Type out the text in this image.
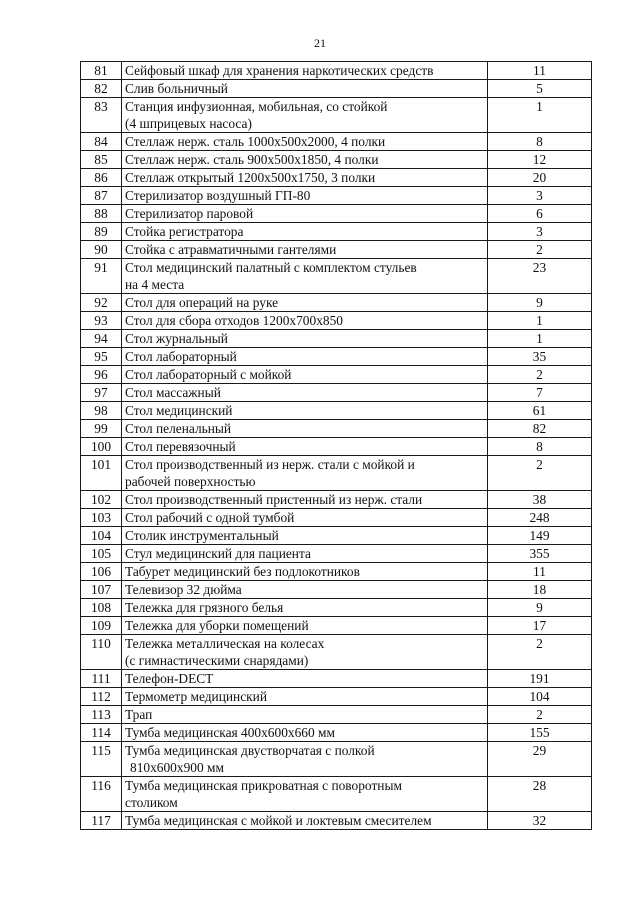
21
81	Сейфовый шкаф для хранения наркотических средств	11
82	Слив больничный	5
83	Станция инфузионная, мобильная, со стойкой
(4 шприцевых насоса)	1
84	Стеллаж нерж. сталь 1000х500х2000, 4 полки	8
85	Стеллаж нерж. сталь 900х500х1850, 4 полки	12
86	Стеллаж открытый 1200х500х1750, 3 полки	20
87	Стерилизатор воздушный ГП-80	3
88	Стерилизатор паровой	6
89	Стойка регистратора	3
90	Стойка с атравматичными гантелями	2
91	Стол медицинский палатный с комплектом стульев
на 4 места	23
92	Стол для операций на руке	9
93	Стол для сбора отходов 1200х700х850	1
94	Стол журнальный	1
95	Стол лабораторный	35
96	Стол лабораторный с мойкой	2
97	Стол массажный	7
98	Стол медицинский	61
99	Стол пеленальный	82
100	Стол перевязочный	8
101	Стол производственный из нерж. стали с мойкой и
рабочей поверхностью	2
102	Стол производственный пристенный из нерж. стали	38
103	Стол рабочий с одной тумбой	248
104	Столик инструментальный	149
105	Стул медицинский для пациента	355
106	Табурет медицинский без подлокотников	11
107	Телевизор 32 дюйма	18
108	Тележка для грязного белья	9
109	Тележка для уборки помещений	17
110	Тележка металлическая на колесах
(с гимнастическими снарядами)	2
111	Телефон-DECT	191
112	Термометр медицинский	104
113	Трап	2
114	Тумба медицинская 400х600х660 мм	155
115	Тумба медицинская двустворчатая с полкой
810х600х900 мм	29
116	Тумба медицинская прикроватная с поворотным
столиком	28
117	Тумба медицинская с мойкой и локтевым смесителем	32
